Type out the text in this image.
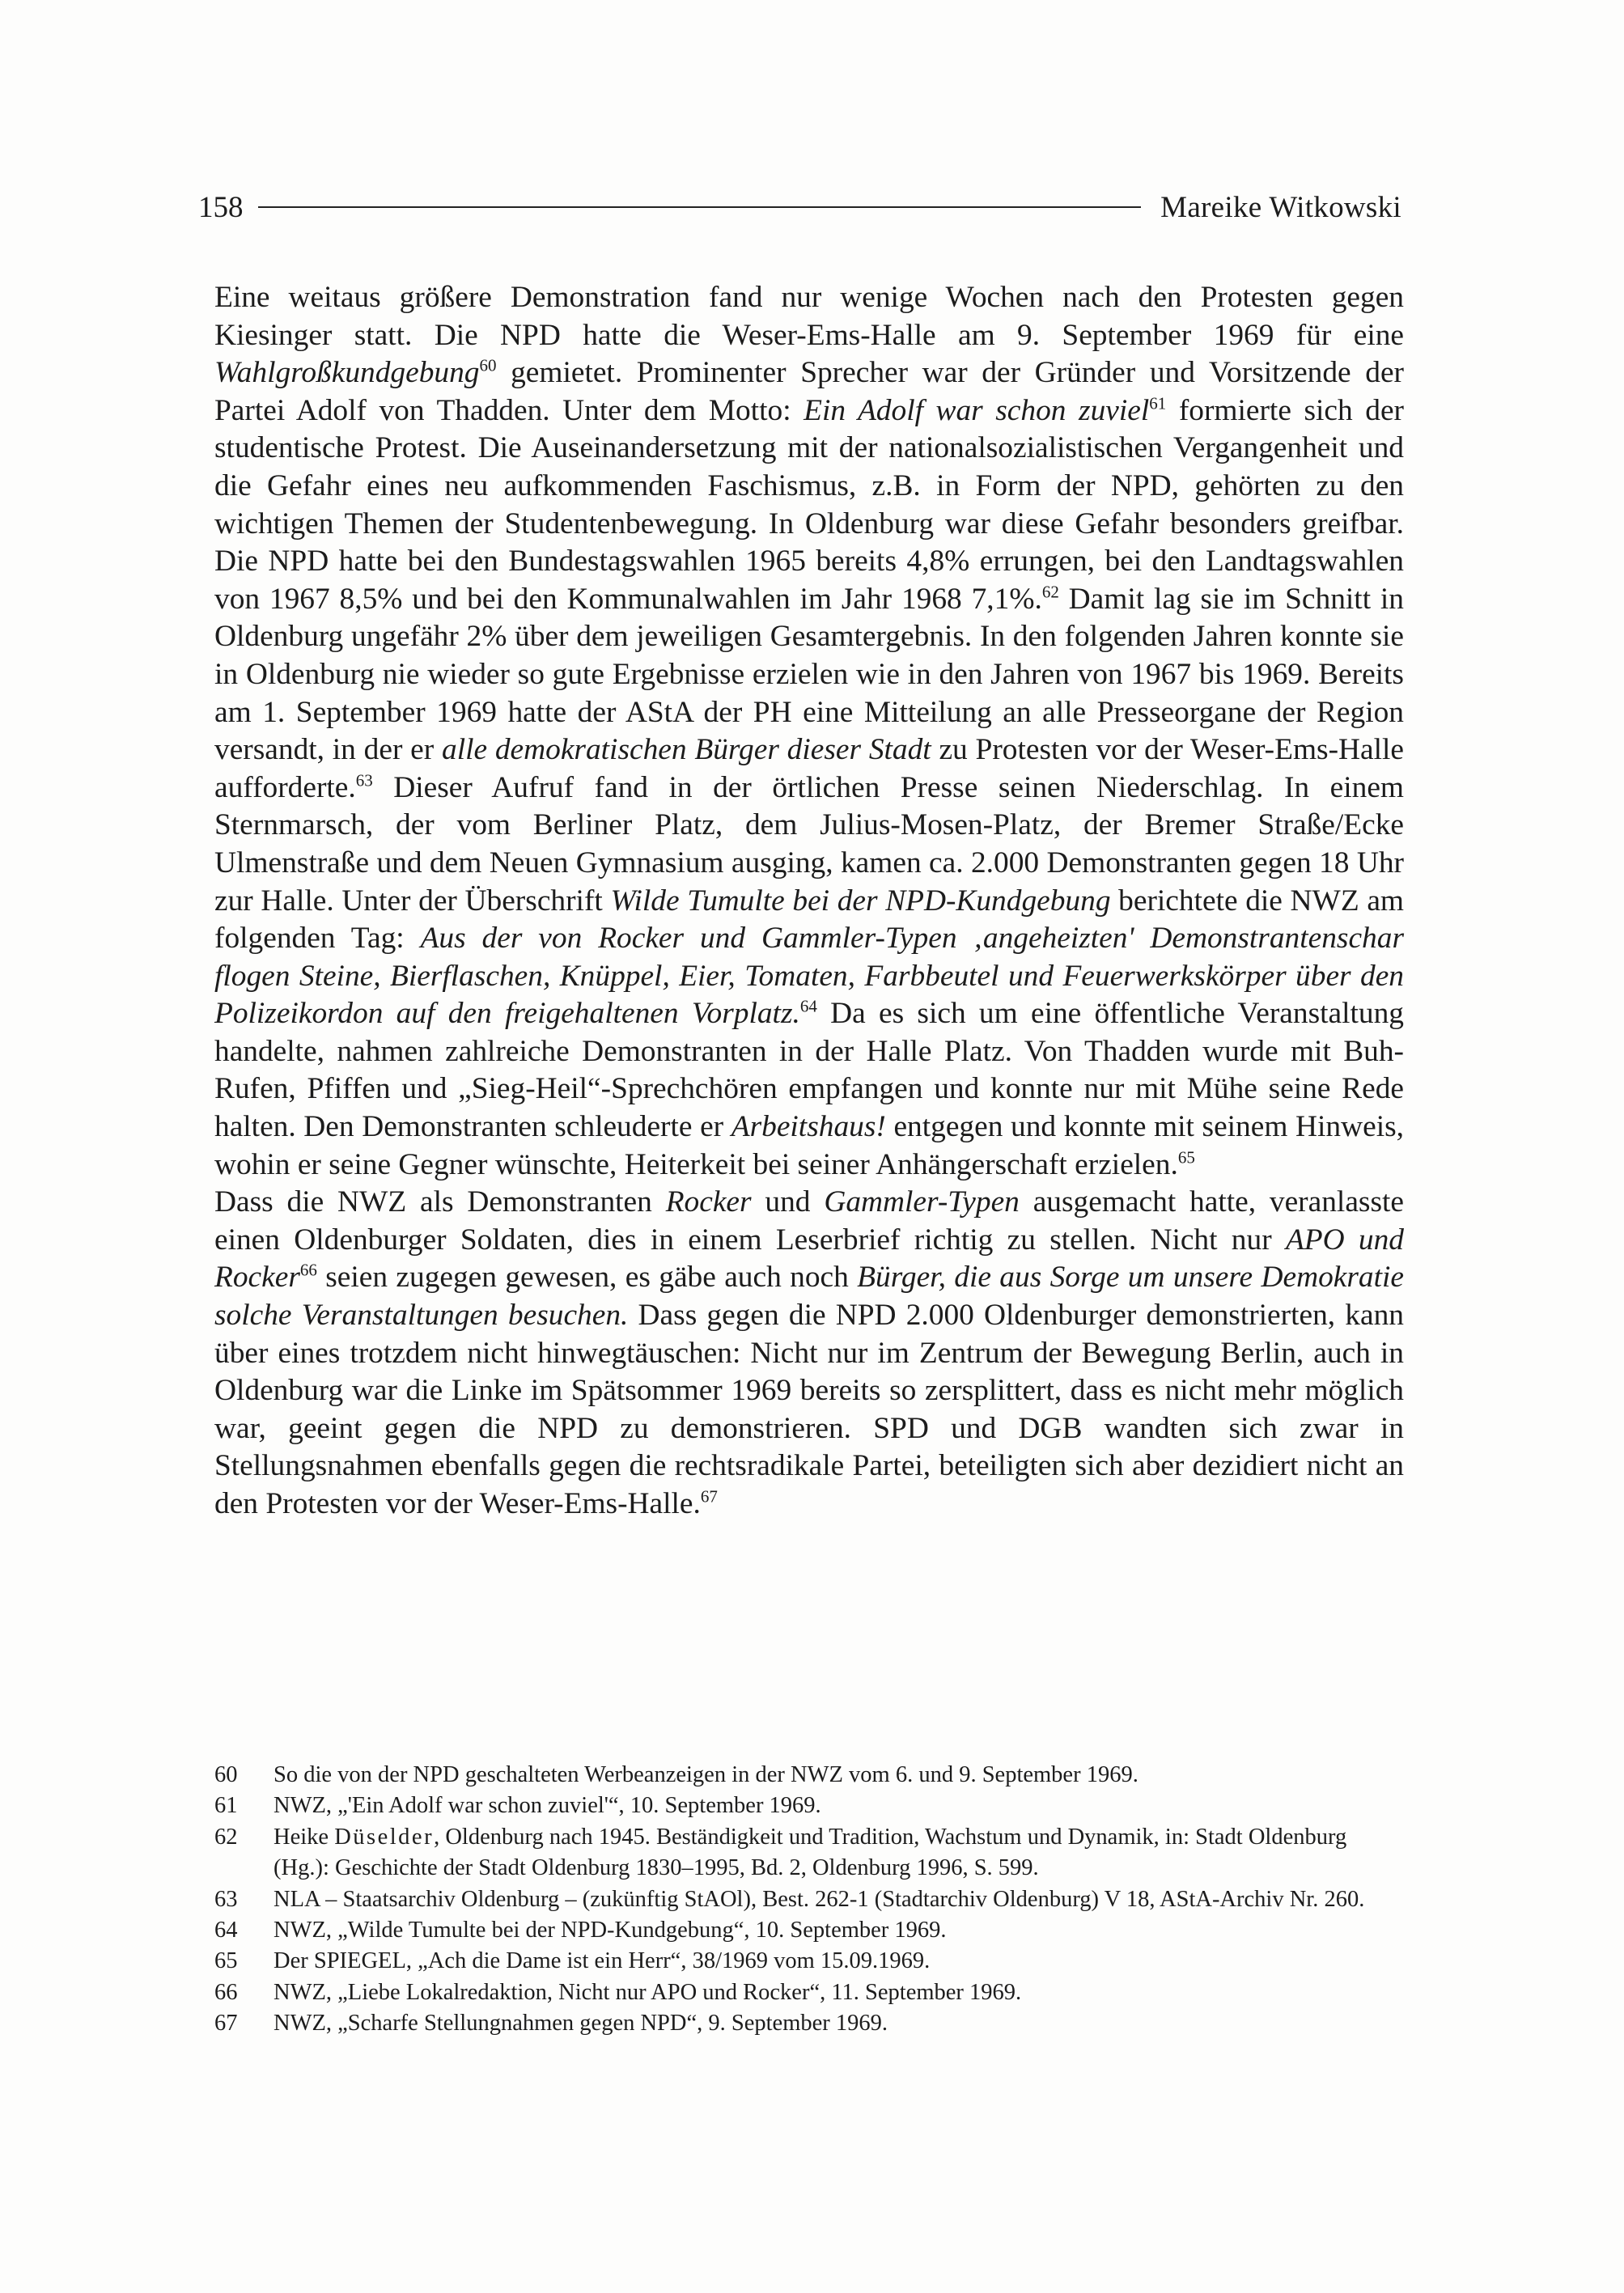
158	Mareike Witkowski

Eine weitaus größere Demonstration fand nur wenige Wochen nach den Protesten gegen Kiesinger statt. Die NPD hatte die Weser-Ems-Halle am 9. September 1969 für eine Wahlgroßkundgebung$^{60}$ gemietet. Prominenter Sprecher war der Gründer und Vorsitzende der Partei Adolf von Thadden. Unter dem Motto: Ein Adolf war schon zuviel$^{61}$ formierte sich der studentische Protest. Die Auseinandersetzung mit der nationalsozialistischen Vergangenheit und die Gefahr eines neu aufkommenden Faschismus, z.B. in Form der NPD, gehörten zu den wichtigen Themen der Studentenbewegung. In Oldenburg war diese Gefahr besonders greifbar. Die NPD hatte bei den Bundestagswahlen 1965 bereits 4,8% errungen, bei den Landtagswahlen von 1967 8,5% und bei den Kommunalwahlen im Jahr 1968 7,1%.$^{62}$ Damit lag sie im Schnitt in Oldenburg ungefähr 2% über dem jeweiligen Gesamtergebnis. In den folgenden Jahren konnte sie in Oldenburg nie wieder so gute Ergebnisse erzielen wie in den Jahren von 1967 bis 1969. Bereits am 1. September 1969 hatte der AStA der PH eine Mitteilung an alle Presseorgane der Region versandt, in der er alle demokratischen Bürger dieser Stadt zu Protesten vor der Weser-Ems-Halle aufforderte.$^{63}$ Dieser Aufruf fand in der örtlichen Presse seinen Niederschlag. In einem Sternmarsch, der vom Berliner Platz, dem Julius-Mosen-Platz, der Bremer Straße/Ecke Ulmenstraße und dem Neuen Gymnasium ausging, kamen ca. 2.000 Demonstranten gegen 18 Uhr zur Halle. Unter der Überschrift Wilde Tumulte bei der NPD-Kundgebung berichtete die NWZ am folgenden Tag: Aus der von Rocker und Gammler-Typen ‚angeheizten' Demonstrantenschar flogen Steine, Bierflaschen, Knüppel, Eier, Tomaten, Farbbeutel und Feuerwerkskörper über den Polizeikordon auf den freigehaltenen Vorplatz.$^{64}$ Da es sich um eine öffentliche Veranstaltung handelte, nahmen zahlreiche Demonstranten in der Halle Platz. Von Thadden wurde mit Buh-Rufen, Pfiffen und „Sieg-Heil“-Sprechchören empfangen und konnte nur mit Mühe seine Rede halten. Den Demonstranten schleuderte er Arbeitshaus! entgegen und konnte mit seinem Hinweis, wohin er seine Gegner wünschte, Heiterkeit bei seiner Anhängerschaft erzielen.$^{65}$

Dass die NWZ als Demonstranten Rocker und Gammler-Typen ausgemacht hatte, veranlasste einen Oldenburger Soldaten, dies in einem Leserbrief richtig zu stellen. Nicht nur APO und Rocker$^{66}$ seien zugegen gewesen, es gäbe auch noch Bürger, die aus Sorge um unsere Demokratie solche Veranstaltungen besuchen. Dass gegen die NPD 2.000 Oldenburger demonstrierten, kann über eines trotzdem nicht hinwegtäuschen: Nicht nur im Zentrum der Bewegung Berlin, auch in Oldenburg war die Linke im Spätsommer 1969 bereits so zersplittert, dass es nicht mehr möglich war, geeint gegen die NPD zu demonstrieren. SPD und DGB wandten sich zwar in Stellungsnahmen ebenfalls gegen die rechtsradikale Partei, beteiligten sich aber dezidiert nicht an den Protesten vor der Weser-Ems-Halle.$^{67}$

60	So die von der NPD geschalteten Werbeanzeigen in der NWZ vom 6. und 9. September 1969.
61	NWZ, „'Ein Adolf war schon zuviel'“, 10. September 1969.
62	Heike Düselder, Oldenburg nach 1945. Beständigkeit und Tradition, Wachstum und Dynamik, in: Stadt Oldenburg (Hg.): Geschichte der Stadt Oldenburg 1830–1995, Bd. 2, Oldenburg 1996, S. 599.
63	NLA – Staatsarchiv Oldenburg – (zukünftig StAOl), Best. 262-1 (Stadtarchiv Oldenburg) V 18, AStA-Archiv Nr. 260.
64	NWZ, „Wilde Tumulte bei der NPD-Kundgebung“, 10. September 1969.
65	Der SPIEGEL, „Ach die Dame ist ein Herr“, 38/1969 vom 15.09.1969.
66	NWZ, „Liebe Lokalredaktion, Nicht nur APO und Rocker“, 11. September 1969.
67	NWZ, „Scharfe Stellungnahmen gegen NPD“, 9. September 1969.
